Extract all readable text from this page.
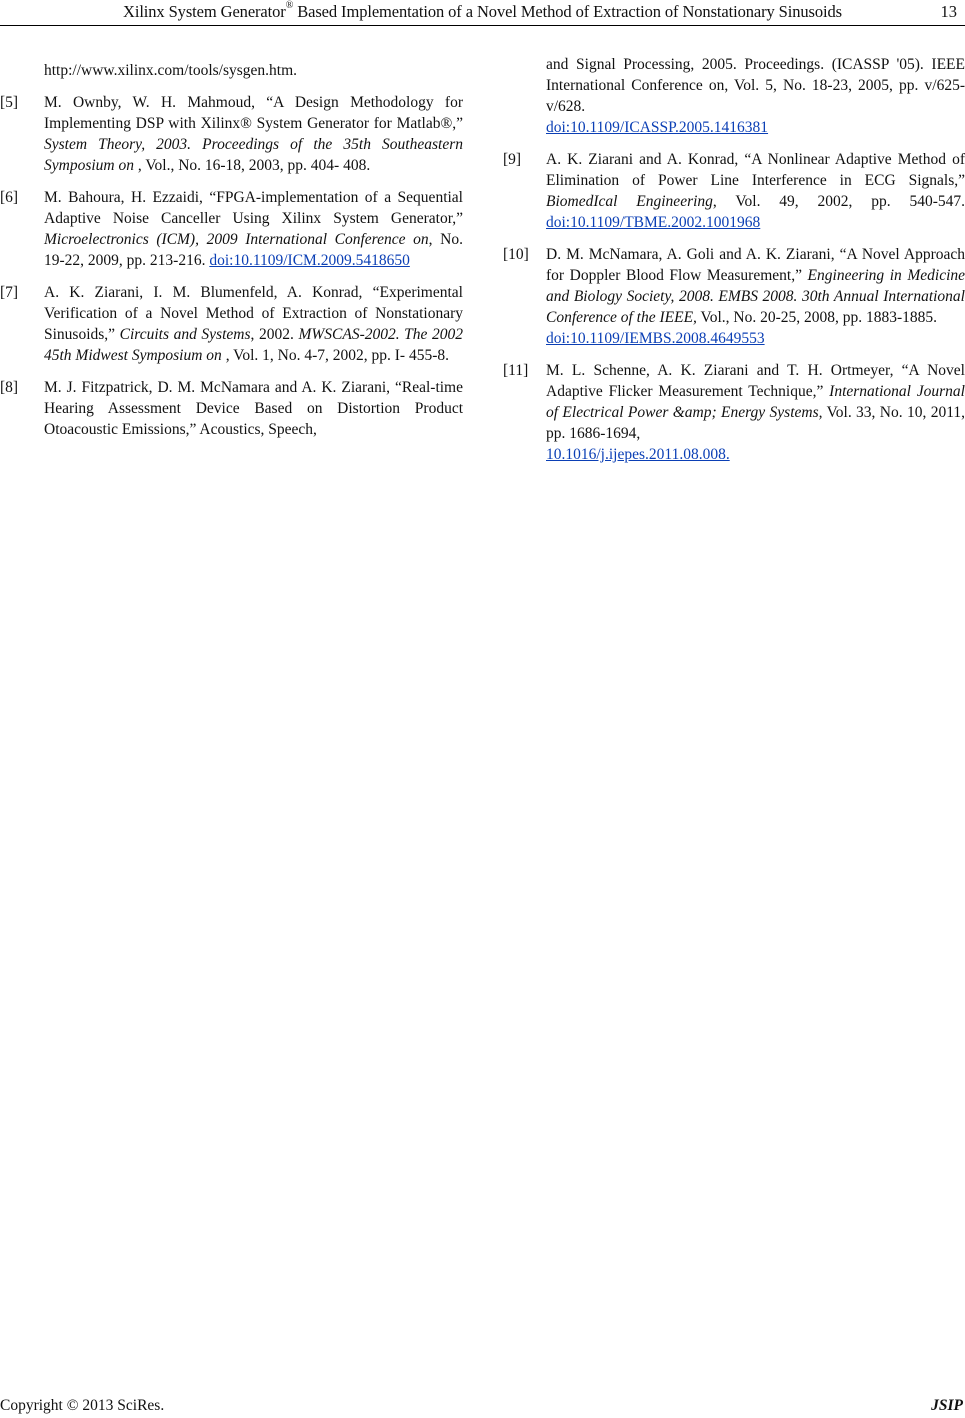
Xilinx System Generator® Based Implementation of a Novel Method of Extraction of Nonstationary Sinusoids	13
http://www.xilinx.com/tools/sysgen.htm.
[5] M. Ownby, W. H. Mahmoud, “A Design Methodology for Implementing DSP with Xilinx® System Generator for Matlab®,” System Theory, 2003. Proceedings of the 35th Southeastern Symposium on , Vol., No. 16-18, 2003, pp. 404- 408.
[6] M. Bahoura, H. Ezzaidi, “FPGA-implementation of a Sequential Adaptive Noise Canceller Using Xilinx System Generator,” Microelectronics (ICM), 2009 International Conference on, No. 19-22, 2009, pp. 213-216. doi:10.1109/ICM.2009.5418650
[7] A. K. Ziarani, I. M. Blumenfeld, A. Konrad, “Experimental Verification of a Novel Method of Extraction of Nonstationary Sinusoids,” Circuits and Systems, 2002. MWSCAS-2002. The 2002 45th Midwest Symposium on , Vol. 1, No. 4-7, 2002, pp. I- 455-8.
[8] M. J. Fitzpatrick, D. M. McNamara and A. K. Ziarani, “Real-time Hearing Assessment Device Based on Distortion Product Otoacoustic Emissions,” Acoustics, Speech,
and Signal Processing, 2005. Proceedings. (ICASSP '05). IEEE International Conference on, Vol. 5, No. 18-23, 2005, pp. v/625-v/628.
doi:10.1109/ICASSP.2005.1416381
[9] A. K. Ziarani and A. Konrad, “A Nonlinear Adaptive Method of Elimination of Power Line Interference in ECG Signals,” BiomedIcal Engineering, Vol. 49, 2002, pp. 540-547. doi:10.1109/TBME.2002.1001968
[10] D. M. McNamara, A. Goli and A. K. Ziarani, “A Novel Approach for Doppler Blood Flow Measurement,” Engineering in Medicine and Biology Society, 2008. EMBS 2008. 30th Annual International Conference of the IEEE, Vol., No. 20-25, 2008, pp. 1883-1885.
doi:10.1109/IEMBS.2008.4649553
[11] M. L. Schenne, A. K. Ziarani and T. H. Ortmeyer, “A Novel Adaptive Flicker Measurement Technique,” International Journal of Electrical Power &amp; Energy Systems, Vol. 33, No. 10, 2011, pp. 1686-1694,
10.1016/j.ijepes.2011.08.008.
Copyright © 2013 SciRes.	JSIP
